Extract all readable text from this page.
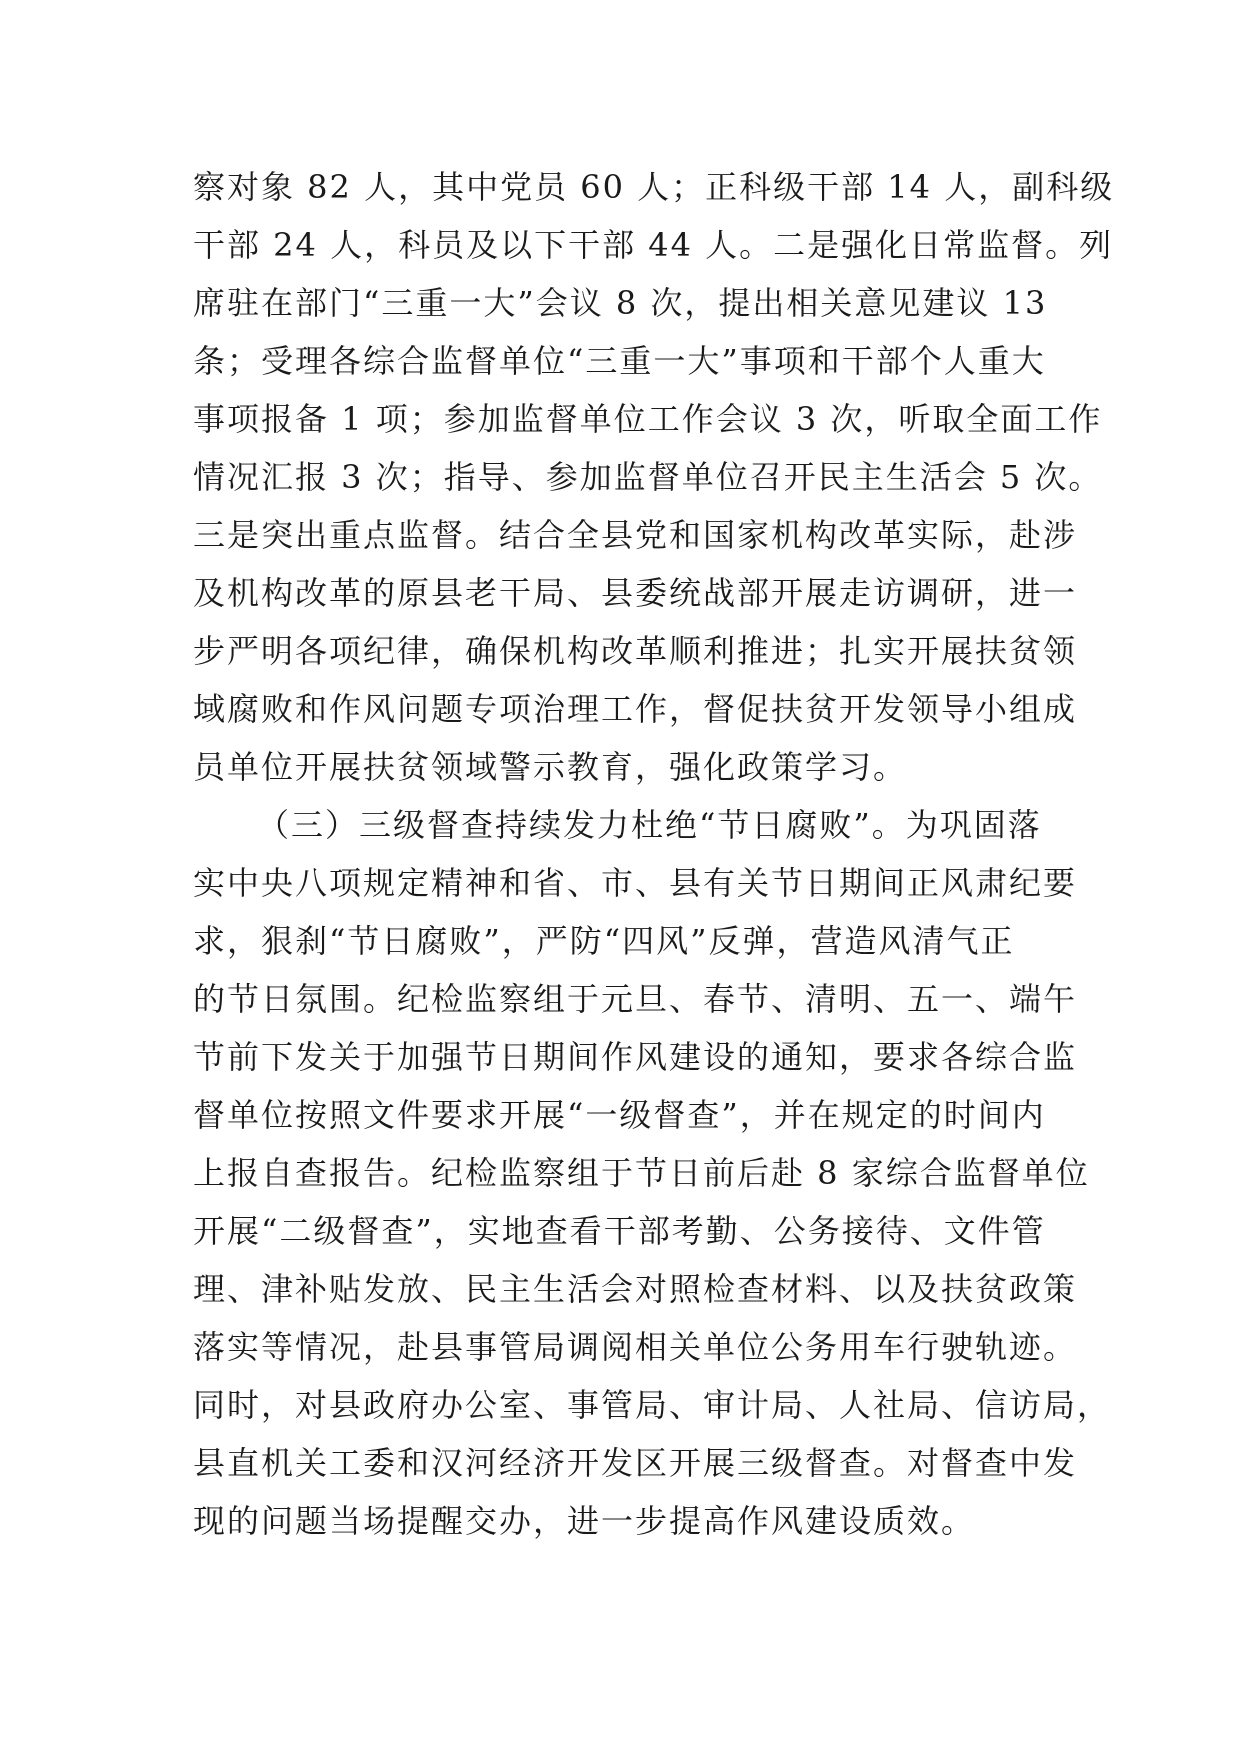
察对象 82 人，其中党员 60 人；正科级干部 14 人，副科级
干部 24 人，科员及以下干部 44 人。二是强化日常监督。列
席驻在部门“三重一大”会议 8 次，提出相关意见建议 13
条；受理各综合监督单位“三重一大”事项和干部个人重大
事项报备 1 项；参加监督单位工作会议 3 次，听取全面工作
情况汇报 3 次；指导、参加监督单位召开民主生活会 5 次。
三是突出重点监督。结合全县党和国家机构改革实际，赴涉
及机构改革的原县老干局、县委统战部开展走访调研，进一
步严明各项纪律，确保机构改革顺利推进；扎实开展扶贫领
域腐败和作风问题专项治理工作，督促扶贫开发领导小组成
员单位开展扶贫领域警示教育，强化政策学习。
（三）三级督查持续发力杜绝“节日腐败”。为巩固落
实中央八项规定精神和省、市、县有关节日期间正风肃纪要
求，狠刹“节日腐败”，严防“四风”反弹，营造风清气正
的节日氛围。纪检监察组于元旦、春节、清明、五一、端午
节前下发关于加强节日期间作风建设的通知，要求各综合监
督单位按照文件要求开展“一级督查”，并在规定的时间内
上报自查报告。纪检监察组于节日前后赴 8 家综合监督单位
开展“二级督查”，实地查看干部考勤、公务接待、文件管
理、津补贴发放、民主生活会对照检查材料、以及扶贫政策
落实等情况，赴县事管局调阅相关单位公务用车行驶轨迹。
同时，对县政府办公室、事管局、审计局、人社局、信访局，
县直机关工委和汉河经济开发区开展三级督查。对督查中发
现的问题当场提醒交办，进一步提高作风建设质效。
